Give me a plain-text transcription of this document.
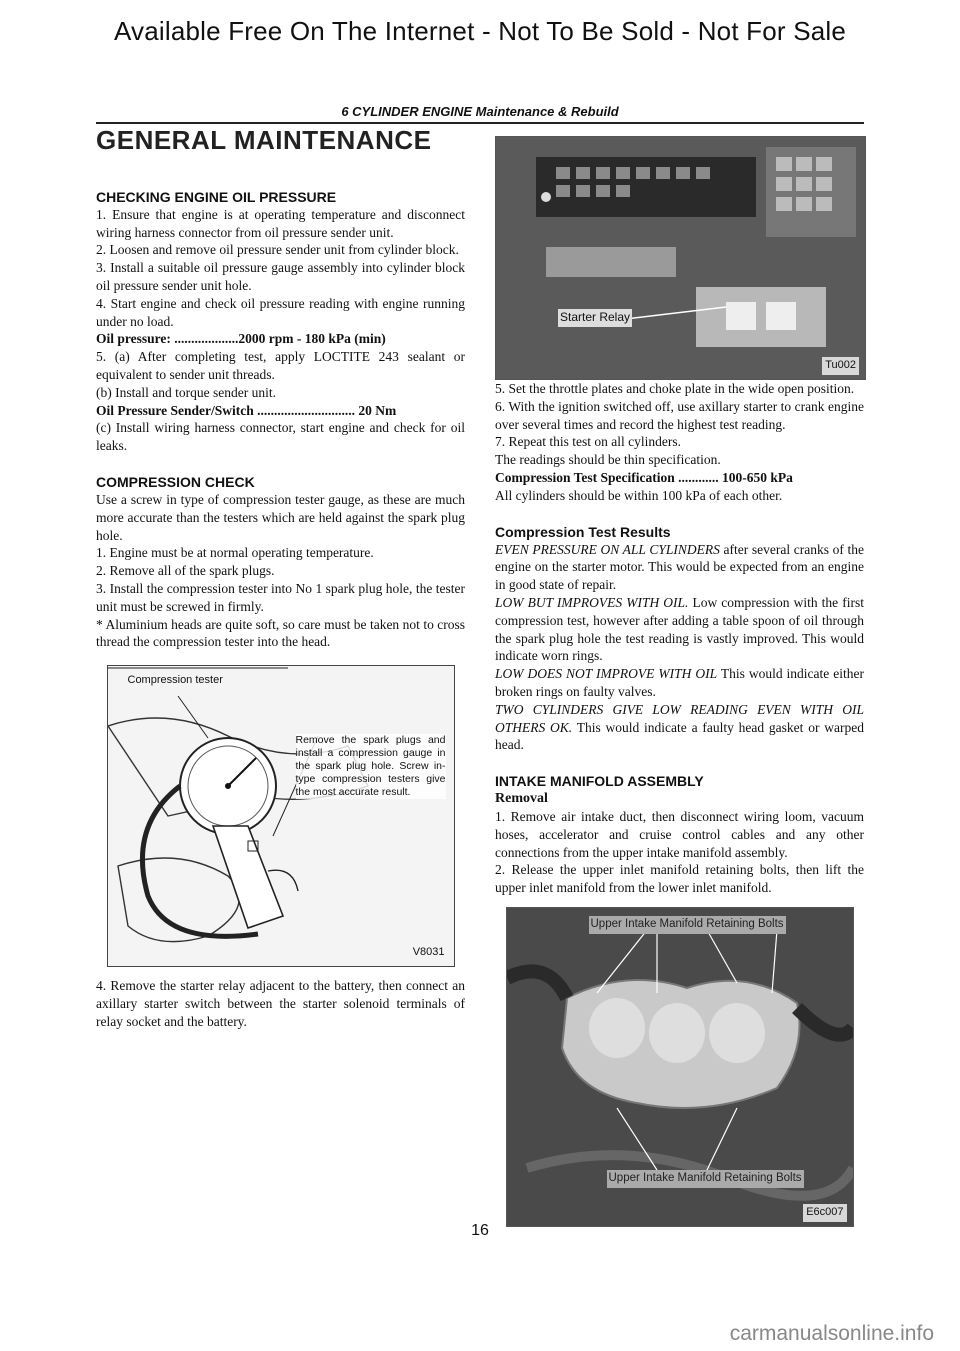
Available Free On The Internet - Not To Be Sold - Not For Sale
6 CYLINDER ENGINE Maintenance & Rebuild
GENERAL MAINTENANCE
CHECKING ENGINE OIL PRESSURE

1. Ensure that engine is at operating temperature and disconnect wiring harness connector from oil pressure sender unit.

2. Loosen and remove oil pressure sender unit from cylinder block.

3. Install a suitable oil pressure gauge assembly into cylinder block oil pressure sender unit hole.

4. Start engine and check oil pressure reading with engine running under no load.

Oil pressure: ...................2000 rpm - 180 kPa (min)

5. (a) After completing test, apply LOCTITE 243 sealant or equivalent to sender unit threads.

(b) Install and torque sender unit.

Oil Pressure Sender/Switch ............................. 20 Nm

(c) Install wiring harness connector, start engine and check for oil leaks.

COMPRESSION CHECK

Use a screw in type of compression tester gauge, as these are much more accurate than the testers which are held against the spark plug hole.

1. Engine must be at normal operating temperature.

2. Remove all of the spark plugs.

3. Install the compression tester into No 1 spark plug hole, the tester unit must be screwed in firmly.

* Aluminium heads are quite soft, so care must be taken not to cross thread the compression tester into the head.

Compression tester
Remove the spark plugs and install a compression gauge in the spark plug hole. Screw in-type compression testers give the most accurate result.
V8031

4. Remove the starter relay adjacent to the battery, then connect an axillary starter switch between the starter solenoid terminals of relay socket and the battery.

Starter Relay
Tu002

5. Set the throttle plates and choke plate in the wide open position.

6. With the ignition switched off, use axillary starter to crank engine over several times and record the highest test reading.

7. Repeat this test on all cylinders.

The readings should be thin specification.

Compression Test Specification ............ 100-650 kPa

All cylinders should be within 100 kPa of each other.

Compression Test Results

EVEN PRESSURE ON ALL CYLINDERS after several cranks of the engine on the starter motor. This would be expected from an engine in good state of repair.

LOW BUT IMPROVES WITH OIL. Low compression with the first compression test, however after adding a table spoon of oil through the spark plug hole the test reading is vastly improved. This would indicate worn rings.

LOW DOES NOT IMPROVE WITH OIL This would indicate either broken rings on faulty valves.

TWO CYLINDERS GIVE LOW READING EVEN WITH OIL OTHERS OK. This would indicate a faulty head gasket or warped head.

INTAKE MANIFOLD ASSEMBLY
Removal

1. Remove air intake duct, then disconnect wiring loom, vacuum hoses, accelerator and cruise control cables and any other connections from the upper intake manifold assembly.

2. Release the upper inlet manifold retaining bolts, then lift the upper inlet manifold from the lower inlet manifold.

Upper Intake Manifold Retaining Bolts
Upper Intake Manifold Retaining Bolts
E6c007
16
carmanualsonline.info
